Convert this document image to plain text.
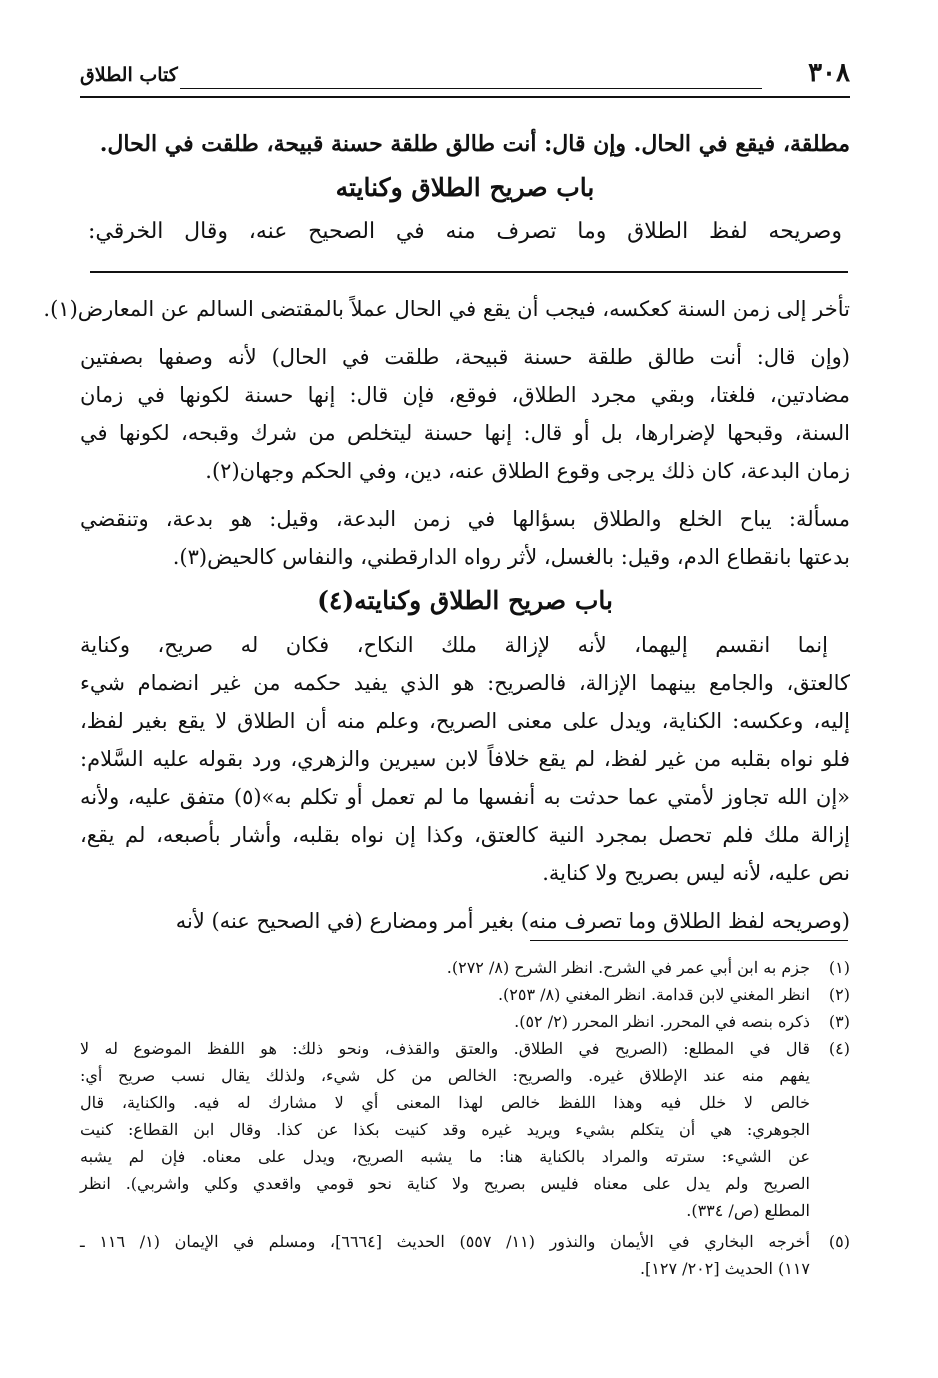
٣٠٨
كتاب الطلاق
مطلقة، فيقع في الحال. وإن قال: أنت طالق طلقة حسنة قبيحة، طلقت في الحال.
باب صريح الطلاق وكنايته
وصريحه لفظ الطلاق وما تصرف منه في الصحيح عنه، وقال الخرقي:
تأخر إلى زمن السنة كعكسه، فيجب أن يقع في الحال عملاً بالمقتضى السالم عن المعارض(١).
(وإن قال: أنت طالق طلقة حسنة قبيحة، طلقت في الحال) لأنه وصفها بصفتين
مضادتين، فلغتا، وبقي مجرد الطلاق، فوقع، فإن قال: إنها حسنة لكونها في زمان
السنة، وقبحها لإضرارها، بل أو قال: إنها حسنة ليتخلص من شرك وقبحه، لكونها في
زمان البدعة، كان ذلك يرجى وقوع الطلاق عنه، دين، وفي الحكم وجهان(٢).
مسألة: يباح الخلع والطلاق بسؤالها في زمن البدعة، وقيل: هو بدعة، وتنقضي
بدعتها بانقطاع الدم، وقيل: بالغسل، لأثر رواه الدارقطني، والنفاس كالحيض(٣).
باب صريح الطلاق وكنايته(٤)
إنما انقسم إليهما، لأنه لإزالة ملك النكاح، فكان له صريح، وكناية
كالعتق، والجامع بينهما الإزالة، فالصريح: هو الذي يفيد حكمه من غير انضمام شيء
إليه، وعكسه: الكناية، ويدل على معنى الصريح، وعلم منه أن الطلاق لا يقع بغير لفظ،
فلو نواه بقلبه من غير لفظ، لم يقع خلافاً لابن سيرين والزهري، ورد بقوله عليه السَّلام:
«إن الله تجاوز لأمتي عما حدثت به أنفسها ما لم تعمل أو تكلم به»(٥) متفق عليه، ولأنه
إزالة ملك فلم تحصل بمجرد النية كالعتق، وكذا إن نواه بقلبه، وأشار بأصبعه، لم يقع،
نص عليه، لأنه ليس بصريح ولا كناية.
(وصريحه لفظ الطلاق وما تصرف منه) بغير أمر ومضارع (في الصحيح عنه) لأنه
(١)
جزم به ابن أبي عمر في الشرح. انظر الشرح (٨/ ٢٧٢).
(٢)
انظر المغني لابن قدامة. انظر المغني (٨/ ٢٥٣).
(٣)
ذكره بنصه في المحرر. انظر المحرر (٢/ ٥٢).
(٤)
قال في المطلع: (الصريح في الطلاق. والعتق والقذف، ونحو ذلك: هو اللفظ الموضوع له لا
يفهم منه عند الإطلاق غيره. والصريح: الخالص من كل شيء، ولذلك يقال نسب صريح أي:
خالص لا خلل فيه وهذا اللفظ خالص لهذا المعنى أي لا مشارك له فيه. والكناية، قال
الجوهري: هي أن يتكلم بشيء ويريد غيره وقد كنيت بكذا عن كذا. وقال ابن القطاع: كنيت
عن الشيء: سترته والمراد بالكناية هنا: ما يشبه الصريح، ويدل على معناه. فإن لم يشبه
الصريح ولم يدل على معناه فليس بصريح ولا كناية نحو قومي واقعدي وكلي واشربي). انظر
المطلع (ص/ ٣٣٤).
(٥)
أخرجه البخاري في الأيمان والنذور (١١/ ٥٥٧) الحديث [٦٦٦٤]، ومسلم في الإيمان (١/ ١١٦ ـ
١١٧) الحديث [٢٠٢/ ١٢٧].
